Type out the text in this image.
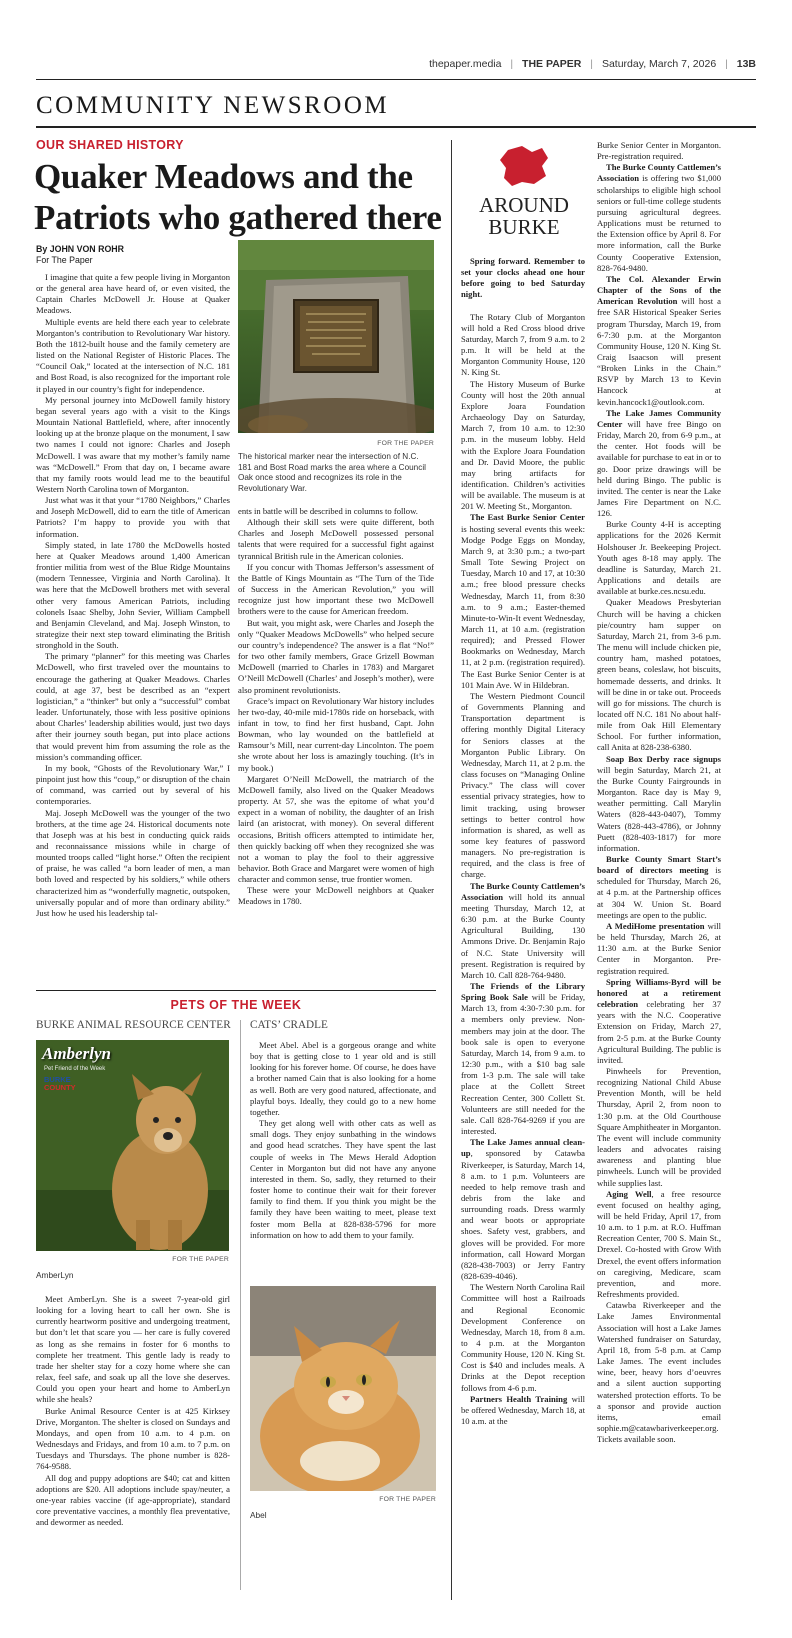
thepaper.media | THE PAPER | Saturday, March 7, 2026 | 13B
COMMUNITY NEWSROOM
OUR SHARED HISTORY
Quaker Meadows and the
Patriots who gathered there
By JOHN VON ROHR
For The Paper

I imagine that quite a few people living in Morganton or the general area have heard of, or even visited, the Captain Charles McDowell Jr. House at Quaker Meadows.

Multiple events are held there each year to celebrate Morganton’s contribution to Revolutionary War history. Both the 1812-built house and the family cemetery are listed on the National Register of Historic Places. The “Council Oak,” located at the intersection of N.C. 181 and Bost Road, is also recognized for the important role it played in our country’s fight for independence.

My personal journey into McDowell family history began several years ago with a visit to the Kings Mountain National Battlefield, where, after innocently looking up at the bronze plaque on the monument, I saw two names I could not ignore: Charles and Joseph McDowell. I was aware that my mother’s family name was “McDowell.” From that day on, I became aware that my family roots would lead me to the beautiful Western North Carolina town of Morganton.

Just what was it that your “1780 Neighbors,” Charles and Joseph McDowell, did to earn the title of American Patriots? I’m happy to provide you with that information.

Simply stated, in late 1780 the McDowells hosted here at Quaker Meadows around 1,400 American frontier militia from west of the Blue Ridge Mountains (modern Tennessee, Virginia and North Carolina). It was here that the McDowell brothers met with several other very famous American Patriots, including colonels Isaac Shelby, John Sevier, William Campbell and Benjamin Cleveland, and Maj. Joseph Winston, to strategize their next step toward eliminating the British stronghold in the South.

The primary “planner” for this meeting was Charles McDowell, who first traveled over the mountains to encourage the gathering at Quaker Meadows. Charles could, at age 37, best be described as an “expert logistician,” a “thinker” but only a “successful” combat leader. Unfortunately, those with less positive opinions about Charles’ leadership abilities would, just two days after their journey south began, put into place actions that would prevent him from assuming the role as the mission’s commanding officer.

In my book, “Ghosts of the Revolutionary War,” I pinpoint just how this “coup,” or disruption of the chain of command, was carried out by several of his contemporaries.

Maj. Joseph McDowell was the younger of the two brothers, at the time age 24. Historical documents note that Joseph was at his best in conducting quick raids and reconnaissance missions while in charge of mounted troops called “light horse.” Often the recipient of praise, he was called “a born leader of men, a man both loved and respected by his soldiers,” while others characterized him as “wonderfully magnetic, outspoken, universally popular and of more than ordinary ability.” Just how he used his leadership tal-

FOR THE PAPER
The historical marker near the intersection of N.C. 181 and Bost Road marks the area where a Council Oak once stood and recognizes its role in the Revolutionary War.

ents in battle will be described in columns to follow.

Although their skill sets were quite different, both Charles and Joseph McDowell possessed personal talents that were required for a successful fight against tyrannical British rule in the American colonies.

If you concur with Thomas Jefferson’s assessment of the Battle of Kings Mountain as “The Turn of the Tide of Success in the American Revolution,” you will recognize just how important these two McDowell brothers were to the cause for American freedom.

But wait, you might ask, were Charles and Joseph the only “Quaker Meadows McDowells” who helped secure our country’s independence? The answer is a flat “No!” for two other family members, Grace Grizell Bowman McDowell (married to Charles in 1783) and Margaret O’Neill McDowell (Charles’ and Joseph’s mother), were also prominent revolutionists.

Grace’s impact on Revolutionary War history includes her two-day, 40-mile mid-1780s ride on horseback, with infant in tow, to find her first husband, Capt. John Bowman, who lay wounded on the battlefield at Ramsour’s Mill, near current-day Lincolnton. The poem she wrote about her loss is amazingly touching. (It’s in my book.)

Margaret O’Neill McDowell, the matriarch of the McDowell family, also lived on the Quaker Meadows property. At 57, she was the epitome of what you’d expect in a woman of nobility, the daughter of an Irish laird (an aristocrat, with money). On several different occasions, British officers attempted to intimidate her, then quickly backing off when they recognized she was not a woman to play the fool to their aggressive behavior. Both Grace and Margaret were women of high character and common sense, true frontier women.

These were your McDowell neighbors at Quaker Meadows in 1780.

PETS OF THE WEEK
BURKE ANIMAL RESOURCE CENTER CATS’ CRADLE
Amberlyn
Pet Friend of the Week
BURKE
COUNTY
FOR THE PAPER
AmberLyn

Meet AmberLyn. She is a sweet 7-year-old girl looking for a loving heart to call her own. She is currently heartworm positive and undergoing treatment, but don’t let that scare you — her care is fully covered as long as she remains in foster for 6 months to complete her treatment. This gentle lady is ready to trade her shelter stay for a cozy home where she can relax, feel safe, and soak up all the love she deserves. Could you open your heart and home to AmberLyn while she heals?

Burke Animal Resource Center is at 425 Kirksey Drive, Morganton. The shelter is closed on Sundays and Mondays, and open from 10 a.m. to 4 p.m. on Wednesdays and Fridays, and from 10 a.m. to 7 p.m. on Tuesdays and Thursdays. The phone number is 828-764-9588.

All dog and puppy adoptions are $40; cat and kitten adoptions are $20. All adoptions include spay/neuter, a one-year rabies vaccine (if age-appropriate), standard core preventative vaccines, a monthly flea preventative, and dewormer as needed.

Meet Abel. Abel is a gorgeous orange and white boy that is getting close to 1 year old and is still looking for his forever home. Of course, he does have a brother named Cain that is also looking for a home as well. Both are very good natured, affectionate, and playful boys. Ideally, they could go to a new home together.

They get along well with other cats as well as small dogs. They enjoy sunbathing in the windows and good head scratches. They have spent the last couple of weeks in The Mews Herald Adoption Center in Morganton but did not have any anyone interested in them. So, sadly, they returned to their foster home to continue their wait for their forever family to find them. If you think you might be the family they have been waiting to meet, please text foster mom Bella at 828-838-5796 for more information on how to add them to your family.

FOR THE PAPER
Abel
AROUND
BURKE

Spring forward. Remember to set your clocks ahead one hour before going to bed Saturday night.

The Rotary Club of Morganton will hold a Red Cross blood drive Saturday, March 7, from 9 a.m. to 2 p.m. It will be held at the Morganton Community House, 120 N. King St.

The History Museum of Burke County will host the 20th annual Explore Joara Foundation Archaeology Day on Saturday, March 7, from 10 a.m. to 12:30 p.m. in the museum lobby. Held with the Explore Joara Foundation and Dr. David Moore, the public may bring artifacts for identification. Children’s activities will be available. The museum is at 201 W. Meeting St., Morganton.

The East Burke Senior Center is hosting several events this week: Modge Podge Eggs on Monday, March 9, at 3:30 p.m.; a two-part Small Tote Sewing Project on Tuesday, March 10 and 17, at 10:30 a.m.; free blood pressure checks Wednesday, March 11, from 8:30 a.m. to 9 a.m.; Easter-themed Minute-to-Win-It event Wednesday, March 11, at 10 a.m. (registration required); and Pressed Flower Bookmarks on Wednesday, March 11, at 2 p.m. (registration required). The East Burke Senior Center is at 101 Main Ave. W in Hildebran.

The Western Piedmont Council of Governments Planning and Transportation department is offering monthly Digital Literacy for Seniors classes at the Morganton Public Library. On Wednesday, March 11, at 2 p.m. the class focuses on “Managing Online Privacy.” The class will cover essential privacy strategies, how to limit tracking, using browser settings to better control how information is shared, as well as some key features of password managers. No pre-registration is required, and the class is free of charge.

The Burke County Cattlemen’s Association will hold its annual meeting Thursday, March 12, at 6:30 p.m. at the Burke County Agricultural Building, 130 Ammons Drive. Dr. Benjamin Rajo of N.C. State University will present. Registration is required by March 10. Call 828-764-9480.

The Friends of the Library Spring Book Sale will be Friday, March 13, from 4:30-7:30 p.m. for a members only preview. Non-members may join at the door. The book sale is open to everyone Saturday, March 14, from 9 a.m. to 12:30 p.m., with a $10 bag sale from 1-3 p.m. The sale will take place at the Collett Street Recreation Center, 300 Collett St. Volunteers are still needed for the sale. Call 828-764-9269 if you are interested.

The Lake James annual clean-up, sponsored by Catawba Riverkeeper, is Saturday, March 14, 8 a.m. to 1 p.m. Volunteers are needed to help remove trash and debris from the lake and surrounding roads. Dress warmly and wear boots or appropriate shoes. Safety vest, grabbers, and gloves will be provided. For more information, call Howard Morgan (828-438-7003) or Jerry Fantry (828-639-4046).

The Western North Carolina Rail Committee will host a Railroads and Regional Economic Development Conference on Wednesday, March 18, from 8 a.m. to 4 p.m. at the Morganton Community House, 120 N. King St. Cost is $40 and includes meals. A Drinks at the Depot reception follows from 4-6 p.m.

Partners Health Training will be offered Wednesday, March 18, at 10 a.m. at the

Burke Senior Center in Morganton. Pre-registration required.

The Burke County Cattlemen’s Association is offering two $1,000 scholarships to eligible high school seniors or full-time college students pursuing agricultural degrees. Applications must be returned to the Extension office by April 8. For more information, call the Burke County Cooperative Extension, 828-764-9480.

The Col. Alexander Erwin Chapter of the Sons of the American Revolution will host a free SAR Historical Speaker Series program Thursday, March 19, from 6-7:30 p.m. at the Morganton Community House, 120 N. King St. Craig Isaacson will present “Broken Links in the Chain.” RSVP by March 13 to Kevin Hancock at kevin.hancock1@outlook.com.

The Lake James Community Center will have free Bingo on Friday, March 20, from 6-9 p.m., at the center. Hot foods will be available for purchase to eat in or to go. Door prize drawings will be held during Bingo. The public is invited. The center is near the Lake James Fire Department on N.C. 126.

Burke County 4-H is accepting applications for the 2026 Kermit Holshouser Jr. Beekeeping Project. Youth ages 8-18 may apply. The deadline is Saturday, March 21. Applications and details are available at burke.ces.ncsu.edu.

Quaker Meadows Presbyterian Church will be having a chicken pie/country ham supper on Saturday, March 21, from 3-6 p.m. The menu will include chicken pie, country ham, mashed potatoes, green beans, coleslaw, hot biscuits, homemade desserts, and drinks. It will be dine in or take out. Proceeds will go for missions. The church is located off N.C. 181 No about half-mile from Oak Hill Elementary School. For further information, call Anita at 828-238-6380.

Soap Box Derby race signups will begin Saturday, March 21, at the Burke County Fairgrounds in Morganton. Race day is May 9, weather permitting. Call Marylin Waters (828-443-0407), Tommy Waters (828-443-4786), or Johnny Puett (828-403-1817) for more information.

Burke County Smart Start’s board of directors meeting is scheduled for Thursday, March 26, at 4 p.m. at the Partnership offices at 304 W. Union St. Board meetings are open to the public.

A MediHome presentation will be held Thursday, March 26, at 11:30 a.m. at the Burke Senior Center in Morganton. Pre-registration required.

Spring Williams-Byrd will be honored at a retirement celebration celebrating her 37 years with the N.C. Cooperative Extension on Friday, March 27, from 2-5 p.m. at the Burke County Agricultural Building. The public is invited.

Pinwheels for Prevention, recognizing National Child Abuse Prevention Month, will be held Thursday, April 2, from noon to 1:30 p.m. at the Old Courthouse Square Amphitheater in Morganton. The event will include community leaders and advocates raising awareness and planting blue pinwheels. Lunch will be provided while supplies last.

Aging Well, a free resource event focused on healthy aging, will be held Friday, April 17, from 10 a.m. to 1 p.m. at R.O. Huffman Recreation Center, 700 S. Main St., Drexel. Co-hosted with Grow With Drexel, the event offers information on caregiving, Medicare, scam prevention, and more. Refreshments provided.

Catawba Riverkeeper and the Lake James Environmental Association will host a Lake James Watershed fundraiser on Saturday, April 18, from 5-8 p.m. at Camp Lake James. The event includes wine, beer, heavy hors d’oeuvres and a silent auction supporting watershed protection efforts. To be a sponsor and provide auction items, email sophie.m@catawbariverkeeper.org. Tickets available soon.
